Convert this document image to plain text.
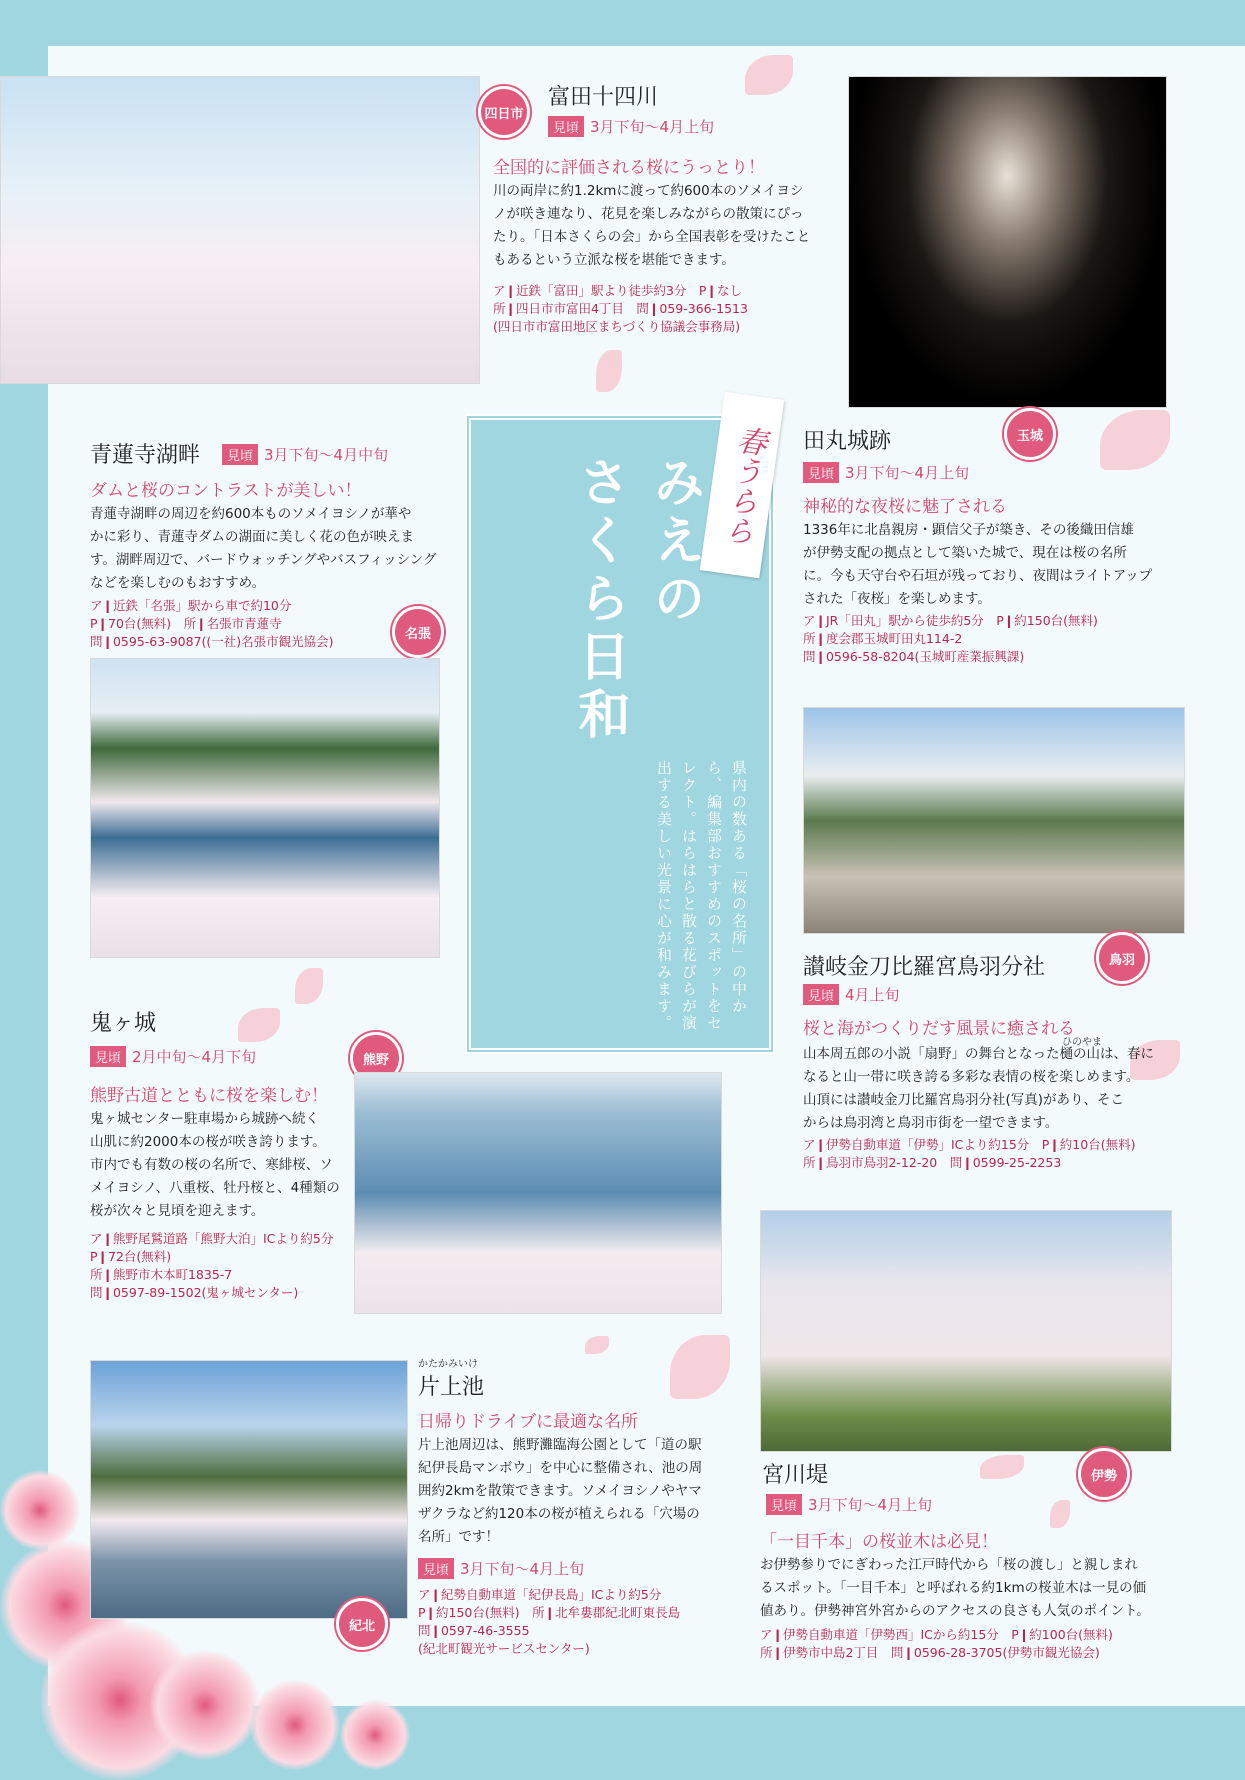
四日市
富田十四川
見頃 3月下旬〜4月上旬
全国的に評価される桜にうっとり！
川の両岸に約1.2kmに渡って約600本のソメイヨシ
ノが咲き連なり、花見を楽しみながらの散策にぴっ
たり。「日本さくらの会」から全国表彰を受けたこと
もあるという立派な桜を堪能できます。
ア❙近鉄「富田」駅より徒歩約3分　P❙なし
所❙四日市市富田4丁目　問❙059-366-1513
(四日市市富田地区まちづくり協議会事務局)
玉城
田丸城跡
見頃 3月下旬〜4月上旬
神秘的な夜桜に魅了される
1336年に北畠親房・顕信父子が築き、その後織田信雄
が伊勢支配の拠点として築いた城で、現在は桜の名所
に。今も天守台や石垣が残っており、夜間はライトアップ
された「夜桜」を楽しめます。
ア❙JR「田丸」駅から徒歩約5分　P❙約150台(無料)
所❙度会郡玉城町田丸114-2
問❙0596-58-8204(玉城町産業振興課)
青蓮寺湖畔	見頃 3月下旬〜4月中旬
ダムと桜のコントラストが美しい！
青蓮寺湖畔の周辺を約600本ものソメイヨシノが華や
かに彩り、青蓮寺ダムの湖面に美しく花の色が映えま
す。湖畔周辺で、バードウォッチングやバスフィッシング
などを楽しむのもおすすめ。
ア❙近鉄「名張」駅から車で約10分
P❙70台(無料)　所❙名張市青蓮寺
問❙0595-63-9087((一社)名張市観光協会)	名張
みえの
さくら日和
県内の数ある「桜の名所」の中から、編集部おすすめのスポットをセレクト。はらはらと散る花びらが演出する美しい光景に心が和みます。
春うらら
鳥羽
讃岐金刀比羅宮鳥羽分社
見頃 4月上旬
桜と海がつくりだす風景に癒される
ひのやま
山本周五郎の小説「扇野」の舞台となった樋の山は、春に
なると山一帯に咲き誇る多彩な表情の桜を楽しめます。
山頂には讃岐金刀比羅宮鳥羽分社(写真)があり、そこ
からは鳥羽湾と鳥羽市街を一望できます。
ア❙伊勢自動車道「伊勢」ICより約15分　P❙約10台(無料)
所❙鳥羽市鳥羽2-12-20　問❙0599-25-2253
鬼ヶ城
見頃 2月中旬〜4月下旬	熊野
熊野古道とともに桜を楽しむ！
鬼ヶ城センター駐車場から城跡へ続く
山肌に約2000本の桜が咲き誇ります。
市内でも有数の桜の名所で、寒緋桜、ソ
メイヨシノ、八重桜、牡丹桜と、4種類の
桜が次々と見頃を迎えます。
ア❙熊野尾鷲道路「熊野大泊」ICより約5分
P❙72台(無料)
所❙熊野市木本町1835-7
問❙0597-89-1502(鬼ヶ城センター)
伊勢
宮川堤
見頃 3月下旬〜4月上旬
「一目千本」の桜並木は必見！
お伊勢参りでにぎわった江戸時代から「桜の渡し」と親しまれ
るスポット。「一目千本」と呼ばれる約1kmの桜並木は一見の価
値あり。伊勢神宮外宮からのアクセスの良さも人気のポイント。
ア❙伊勢自動車道「伊勢西」ICから約15分　P❙約100台(無料)
所❙伊勢市中島2丁目　問❙0596-28-3705(伊勢市観光協会)
紀北
かたかみいけ
片上池
日帰りドライブに最適な名所
片上池周辺は、熊野灘臨海公園として「道の駅
紀伊長島マンボウ」を中心に整備され、池の周
囲約2kmを散策できます。ソメイヨシノやヤマ
ザクラなど約120本の桜が植えられる「穴場の
名所」です！
見頃 3月下旬〜4月上旬
ア❙紀勢自動車道「紀伊長島」ICより約5分
P❙約150台(無料)　所❙北牟婁郡紀北町東長島
問❙0597-46-3555
(紀北町観光サービスセンター)
